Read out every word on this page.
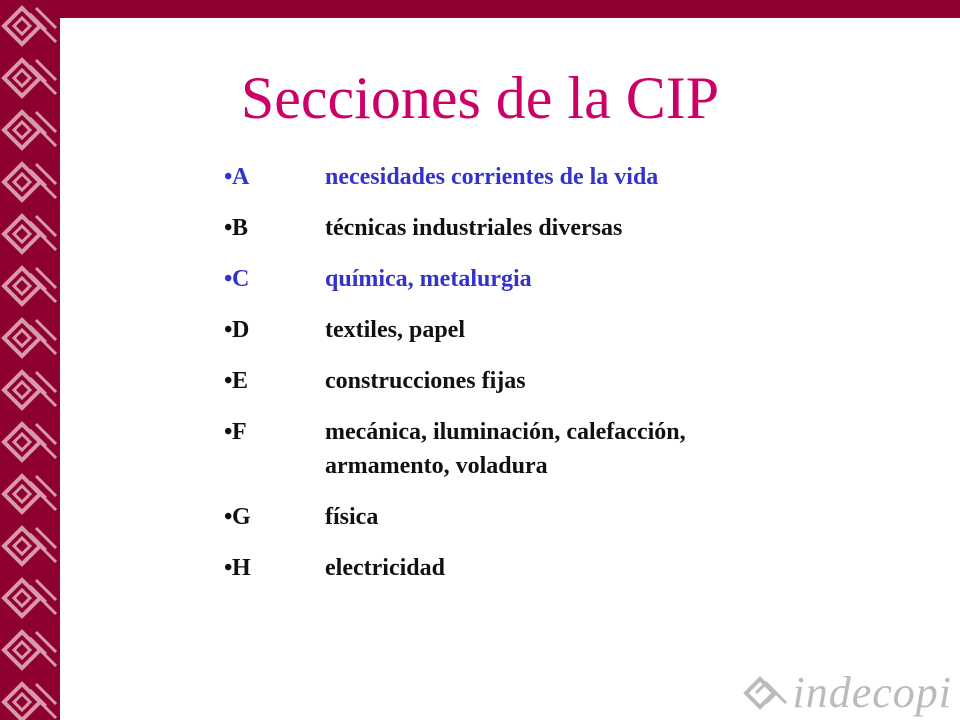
Secciones de la CIP
• A	necesidades corrientes de la vida
• B	técnicas industriales diversas
• C	química, metalurgia
• D	textiles, papel
• E	construcciones fijas
• F	mecánica, iluminación, calefacción, armamento, voladura
• G	física
• H	electricidad
indecopi
